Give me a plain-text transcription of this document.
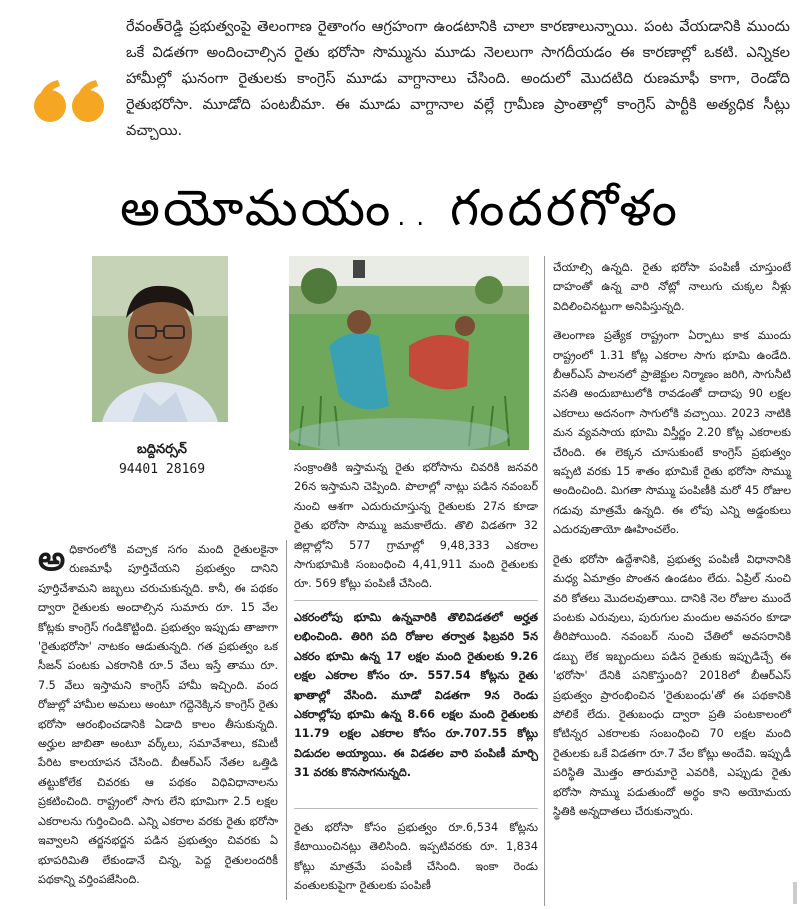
రేవంత్‌రెడ్డి ప్రభుత్వంపై తెలంగాణ రైతాంగం ఆగ్రహంగా ఉండటానికి చాలా కారణాలున్నాయి. పంట వేయడానికి ముందు ఒకే విడతగా అందించాల్సిన రైతు భరోసా సొమ్మును మూడు నెలలుగా సాగదీయడం ఈ కారణాల్లో ఒకటి. ఎన్నికల హామీల్లో ఘనంగా రైతులకు కాంగ్రెస్‌ మూడు వాగ్దానాలు చేసింది. అందులో మొదటిది రుణమాఫీ కాగా, రెండోది రైతుభరోసా. మూడోది పంటబీమా. ఈ మూడు వాగ్దానాల వల్లే గ్రామీణ ప్రాంతాల్లో కాంగ్రెస్‌ పార్టీకి అత్యధిక సీట్లు వచ్చాయి.

అయోమయం.. గందరగోళం
బద్దినర్సన్‌
94401 28169
అ ధికారంలోకి వచ్చాక సగం మంది రైతులకైనా రుణమాఫీ పూర్తిచేయని ప్రభుత్వం దానిని పూర్తిచేశామని జబ్బలు చరుచుకున్నది. కానీ, ఈ పథకం ద్వారా రైతులకు అందాల్సిన సుమారు రూ. 15 వేల కోట్లకు కాంగ్రెస్‌ గండికొట్టింది. ప్రభుత్వం ఇప్పుడు తాజాగా 'రైతుభరోసా' నాటకం ఆడుతున్నది. గత ప్రభుత్వం ఒక సీజన్‌ పంటకు ఎకరానికి రూ.5 వేలు ఇస్తే తాము రూ. 7.5 వేలు ఇస్తామని కాంగ్రెస్‌ హామీ ఇచ్చింది. వంద రోజుల్లో హామీల అమలు అంటూ గద్దెనెక్కిన కాంగ్రెస్‌ రైతు భరోసా ఆరంభించడానికి ఏడాది కాలం తీసుకున్నది. అర్హుల జాబితా అంటూ వర్క్‌లు, సమావేశాలు, కమిటీ పేరిట కాలయాపన చేసింది. బీఆర్‌ఎస్‌ నేతల ఒత్తిడి తట్టుకోలేక చివరకు ఆ పథకం విధివిధానాలను ప్రకటించింది. రాష్ట్రంలో సాగు లేని భూమిగా 2.5 లక్షల ఎకరాలను గుర్తించింది. ఎన్ని ఎకరాల వరకు రైతు భరోసా ఇవ్వాలని తర్జనభర్జన పడిన ప్రభుత్వం చివరకు ఏ భూపరిమితి లేకుండానే చిన్న, పెద్ద రైతులందరికీ పథకాన్ని వర్తింపజేసింది.

సంక్రాంతికి ఇస్తామన్న రైతు భరోసాను చివరికి జనవరి 26న ఇస్తామని చెప్పింది. పొలాల్లో నాట్లు పడిన నవంబర్‌ నుంచి ఆశగా ఎదురుచూస్తున్న రైతులకు 27న కూడా రైతు భరోసా సొమ్ము జమకాలేదు. తొలి విడతగా 32 జిల్లాల్లోని 577 గ్రామాల్లో 9,48,333 ఎకరాల సాగుభూమికి సంబంధించి 4,41,911 మంది రైతులకు రూ. 569 కోట్లు పంపిణీ చేసింది.

ఎకరంలోపు భూమి ఉన్నవారికి తొలివిడతలో అర్హత లభించింది. తిరిగి పది రోజుల తర్వాత ఫిబ్రవరి 5న ఎకరం భూమి ఉన్న 17 లక్షల మంది రైతులకు 9.26 లక్షల ఎకరాల కోసం రూ. 557.54 కోట్లను రైతు ఖాతాల్లో వేసింది. మూడో విడతగా 9న రెండు ఎకరాల్లోపు భూమి ఉన్న 8.66 లక్షల మంది రైతులకు 11.79 లక్షల ఎకరాల కోసం రూ.707.55 కోట్లు విడుదల అయ్యాయి. ఈ విడతల వారి పంపిణీ మార్చి 31 వరకు కొనసాగనున్నది.

రైతు భరోసా కోసం ప్రభుత్వం రూ.6,534 కోట్లను కేటాయించినట్లు తెలిసింది. ఇప్పటివరకు రూ. 1,834 కోట్లు మాత్రమే పంపిణీ చేసింది. ఇంకా రెండు వంతులకుపైగా రైతులకు పంపిణీ

చేయాల్సి ఉన్నది. రైతు భరోసా పంపిణీ చూస్తుంటే దాహంతో ఉన్న వారి నోట్లో నాలుగు చుక్కల నీళ్లు విదిలించినట్టుగా అనిపిస్తున్నది.

తెలంగాణ ప్రత్యేక రాష్ట్రంగా ఏర్పాటు కాక ముందు రాష్ట్రంలో 1.31 కోట్ల ఎకరాల సాగు భూమి ఉండేది. బీఆర్‌ఎస్‌ పాలనలో ప్రాజెక్టుల నిర్మాణం జరిగి, సాగునీటి వసతి అందుబాటులోకి రావడంతో దాదాపు 90 లక్షల ఎకరాలు అదనంగా సాగులోకి వచ్చాయి. 2023 నాటికి మన వ్యవసాయ భూమి విస్తీర్ణం 2.20 కోట్ల ఎకరాలకు చేరింది. ఈ లెక్కన చూసుకుంటే కాంగ్రెస్‌ ప్రభుత్వం ఇప్పటి వరకు 15 శాతం భూమికే రైతు భరోసా సొమ్ము అందించింది. మిగతా సొమ్ము పంపిణీకి మరో 45 రోజుల గడువు మాత్రమే ఉన్నది. ఈ లోపు ఎన్ని అడ్డంకులు ఎదురవుతాయో ఊహించలేం.

రైతు భరోసా ఉద్దేశానికి, ప్రభుత్వ పంపిణీ విధానానికి మధ్య ఏమాత్రం పొంతన ఉండటం లేదు. ఏప్రిల్‌ నుంచి వరి కోతలు మొదలవుతాయి. దానికి నెల రోజుల ముందే పంటకు ఎరువులు, పురుగుల మందుల అవసరం కూడా తీరిపోయింది. నవంబర్‌ నుంచి చేతిలో అవసరానికి డబ్బు లేక ఇబ్బందులు పడిన రైతుకు ఇప్పుడిచ్చే ఈ 'భరోసా' దేనికి పనికొస్తుంది? 2018లో బీఆర్‌ఎస్‌ ప్రభుత్వం ప్రారంభించిన 'రైతుబంధు'తో ఈ పథకానికి పోలికే లేదు. రైతుబంధు ద్వారా ప్రతి పంటకాలంలో కోటిన్నర ఎకరాలకు సంబంధించి 70 లక్షల మంది రైతులకు ఒకే విడతగా రూ.7 వేల కోట్లు అందేవి. ఇప్పుడీ పరిస్థితి మొత్తం తారుమారై ఎవరికి, ఎప్పుడు రైతు భరోసా సొమ్ము పడుతుందో అర్థం కాని అయోమయ స్థితికి అన్నదాతలు చేరుకున్నారు.
